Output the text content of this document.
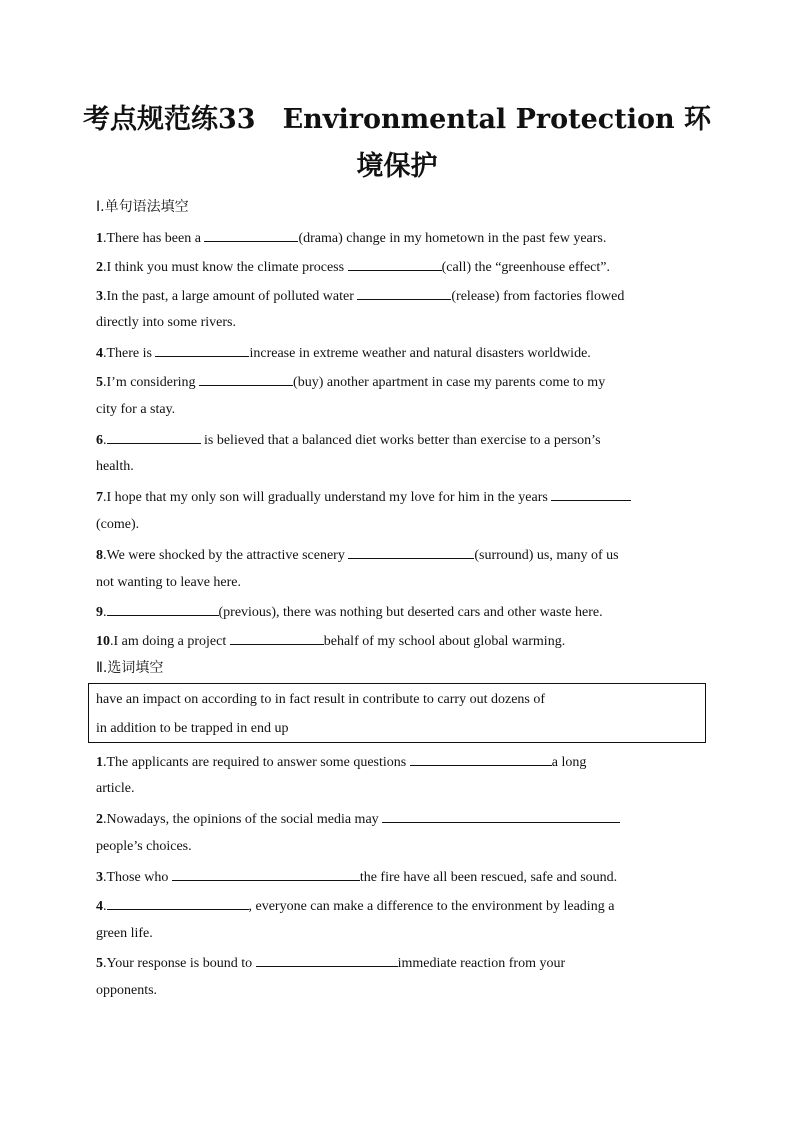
考点规范练33　Environmental Protection 环
境保护
Ⅰ.单句语法填空
1.There has been a	(drama) change in my hometown in the past few years.
2.I think you must know the climate process	(call) the “greenhouse effect”.
3.In the past, a large amount of polluted water	(release) from factories flowed
directly into some rivers.
4.There is	increase in extreme weather and natural disasters worldwide.
5.I’m considering	(buy) another apartment in case my parents come to my
city for a stay.
6.	is believed that a balanced diet works better than exercise to a person’s
health.
7.I hope that my only son will gradually understand my love for him in the years
(come).
8.We were shocked by the attractive scenery	(surround) us, many of us
not wanting to leave here.
9.	(previous), there was nothing but deserted cars and other waste here.
10.I am doing a project	behalf of my school about global warming.
Ⅱ.选词填空
have an impact on according to in fact result in contribute to carry out dozens of
in addition to be trapped in end up
1.The applicants are required to answer some questions	a long
article.
2.Nowadays, the opinions of the social media may
people’s choices.
3.Those who	the fire have all been rescued, safe and sound.
4.	, everyone can make a difference to the environment by leading a
green life.
5.Your response is bound to	immediate reaction from your
opponents.
